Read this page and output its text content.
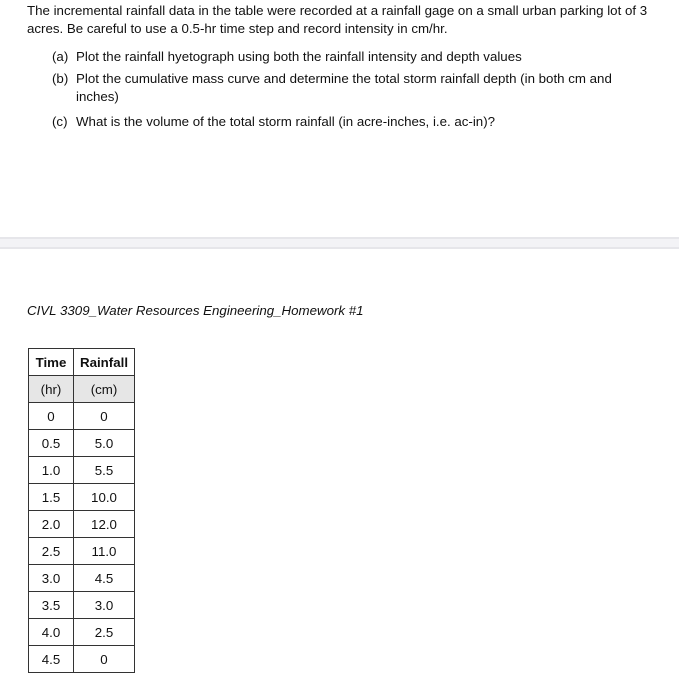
The incremental rainfall data in the table were recorded at a rainfall gage on a small urban parking lot of 3 acres. Be careful to use a 0.5-hr time step and record intensity in cm/hr.

(a) Plot the rainfall hyetograph using both the rainfall intensity and depth values
(b) Plot the cumulative mass curve and determine the total storm rainfall depth (in both cm and inches)
(c) What is the volume of the total storm rainfall (in acre-inches, i.e. ac-in)?
CIVL 3309_Water Resources Engineering_Homework #1
Time	Rainfall
(hr)	(cm)
0	0
0.5	5.0
1.0	5.5
1.5	10.0
2.0	12.0
2.5	11.0
3.0	4.5
3.5	3.0
4.0	2.5
4.5	0
